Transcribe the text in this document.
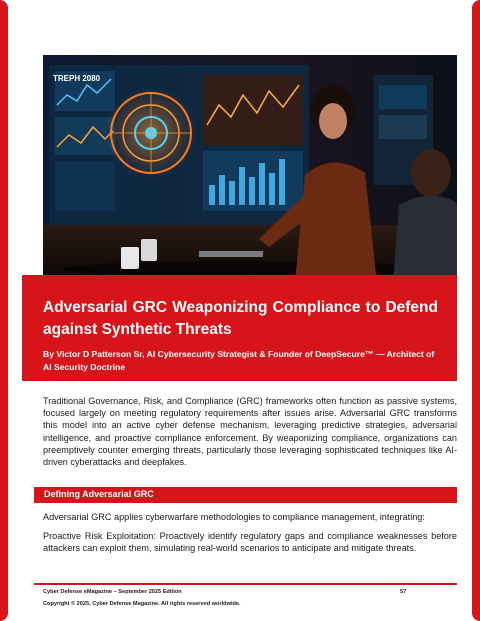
TREPH 2080
Adversarial GRC Weaponizing Compliance to Defend against Synthetic Threats
By Victor D Patterson Sr, AI Cybersecurity Strategist & Founder of DeepSecure™ — Architect of AI Security Doctrine

Traditional Governance, Risk, and Compliance (GRC) frameworks often function as passive systems, focused largely on meeting regulatory requirements after issues arise. Adversarial GRC transforms this model into an active cyber defense mechanism, leveraging predictive strategies, adversarial intelligence, and proactive compliance enforcement. By weaponizing compliance, organizations can preemptively counter emerging threats, particularly those leveraging sophisticated techniques like AI-driven cyberattacks and deepfakes.

Defining Adversarial GRC

Adversarial GRC applies cyberwarfare methodologies to compliance management, integrating:

Proactive Risk Exploitation: Proactively identify regulatory gaps and compliance weaknesses before attackers can exploit them, simulating real-world scenarios to anticipate and mitigate threats.

Cyber Defense eMagazine – September 2025 Edition	57
Copyright © 2025, Cyber Defense Magazine. All rights reserved worldwide.
